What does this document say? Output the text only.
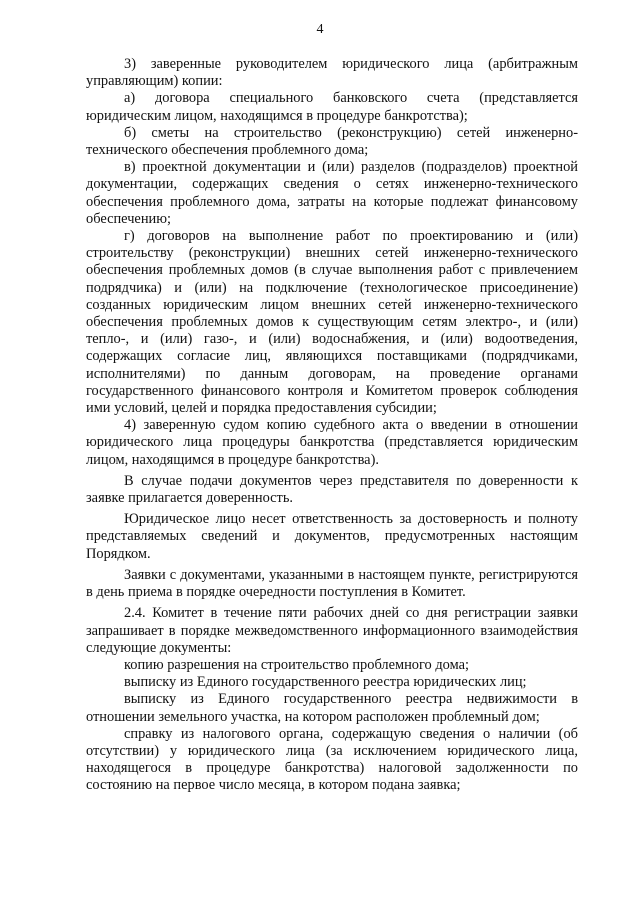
4

3) заверенные руководителем юридического лица (арбитражным управляющим) копии:

а) договора специального банковского счета (представляется юридическим лицом, находящимся в процедуре банкротства);

б) сметы на строительство (реконструкцию) сетей инженерно-технического обеспечения проблемного дома;

в) проектной документации и (или) разделов (подразделов) проектной документации, содержащих сведения о сетях инженерно-технического обеспечения проблемного дома, затраты на которые подлежат финансовому обеспечению;

г) договоров на выполнение работ по проектированию и (или) строительству (реконструкции) внешних сетей инженерно-технического обеспечения проблемных домов (в случае выполнения работ с привлечением подрядчика) и (или) на подключение (технологическое присоединение) созданных юридическим лицом внешних сетей инженерно-технического обеспечения проблемных домов к существующим сетям электро-, и (или) тепло-, и (или) газо-, и (или) водоснабжения, и (или) водоотведения, содержащих согласие лиц, являющихся поставщиками (подрядчиками, исполнителями) по данным договорам, на проведение органами государственного финансового контроля и Комитетом проверок соблюдения ими условий, целей и порядка предоставления субсидии;

4) заверенную судом копию судебного акта о введении в отношении юридического лица процедуры банкротства (представляется юридическим лицом, находящимся в процедуре банкротства).

В случае подачи документов через представителя по доверенности к заявке прилагается доверенность.

Юридическое лицо несет ответственность за достоверность и полноту представляемых сведений и документов, предусмотренных настоящим Порядком.

Заявки с документами, указанными в настоящем пункте, регистрируются в день приема в порядке очередности поступления в Комитет.

2.4. Комитет в течение пяти рабочих дней со дня регистрации заявки запрашивает в порядке межведомственного информационного взаимодействия следующие документы:

копию разрешения на строительство проблемного дома;

выписку из Единого государственного реестра юридических лиц;

выписку из Единого государственного реестра недвижимости в отношении земельного участка, на котором расположен проблемный дом;

справку из налогового органа, содержащую сведения о наличии (об отсутствии) у юридического лица (за исключением юридического лица, находящегося в процедуре банкротства) налоговой задолженности по состоянию на первое число месяца, в котором подана заявка;
